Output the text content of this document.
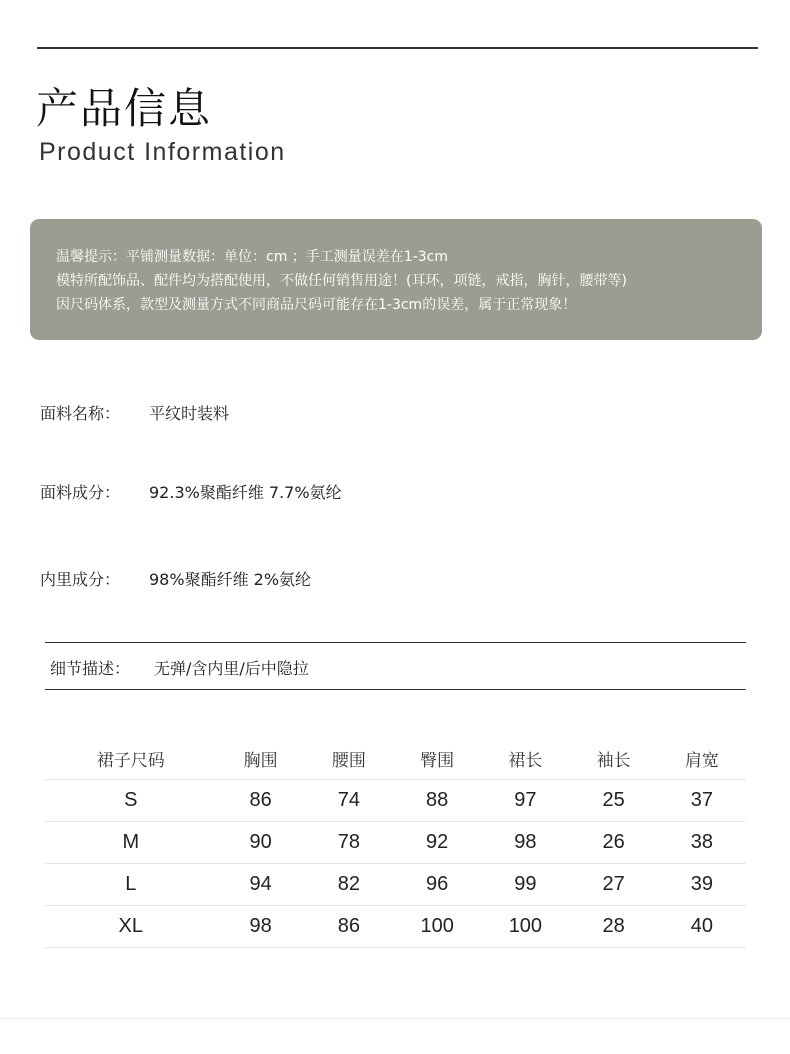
产品信息
Product Information
温馨提示：平铺测量数据：单位：cm ；手工测量误差在1-3cm
模特所配饰品、配件均为搭配使用，不做任何销售用途！(耳环，项链，戒指，胸针，腰带等)
因尺码体系，款型及测量方式不同商品尺码可能存在1-3cm的误差，属于正常现象！
面料名称： 平纹时装料
面料成分： 92.3%聚酯纤维 7.7%氨纶
内里成分： 98%聚酯纤维 2%氨纶
细节描述： 无弹/含内里/后中隐拉
裙子尺码	胸围	腰围	臀围	裙长	袖长	肩宽
S	86	74	88	97	25	37
M	90	78	92	98	26	38
L	94	82	96	99	27	39
XL	98	86	100	100	28	40
